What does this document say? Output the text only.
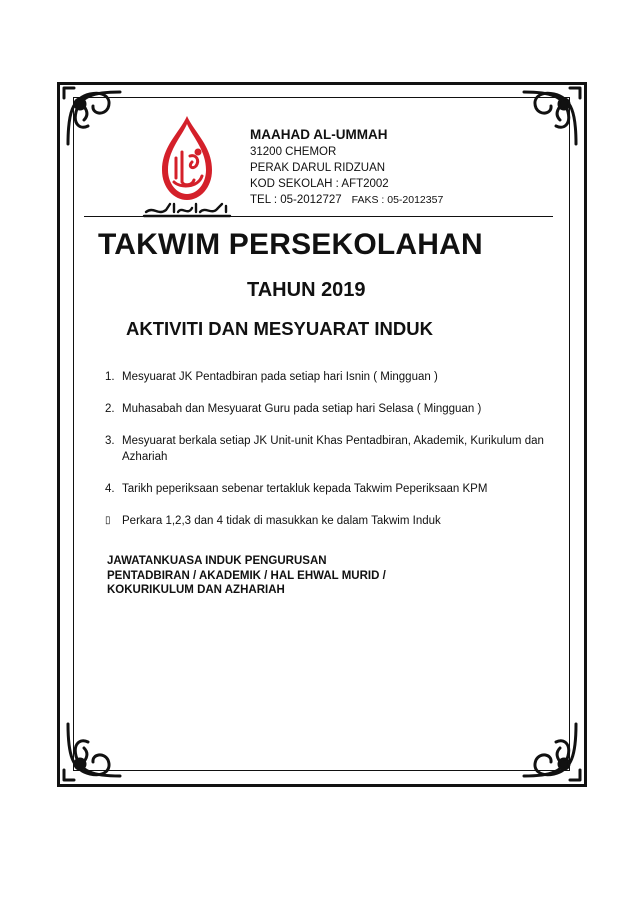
MAAHAD AL-UMMAH
31200 CHEMOR
PERAK DARUL RIDZUAN
KOD SEKOLAH : AFT2002
TEL : 05-2012727 FAKS : 05-2012357
TAKWIM PERSEKOLAHAN
TAHUN 2019
AKTIVITI DAN MESYUARAT INDUK
1. Mesyuarat JK Pentadbiran pada setiap hari Isnin ( Mingguan )
2. Muhasabah dan Mesyuarat Guru pada setiap hari Selasa ( Mingguan )
3. Mesyuarat berkala setiap JK Unit-unit Khas Pentadbiran, Akademik, Kurikulum dan Azhariah
4. Tarikh peperiksaan sebenar tertakluk kepada Takwim Peperiksaan KPM
▯ Perkara 1,2,3 dan 4 tidak di masukkan ke dalam Takwim Induk
JAWATANKUASA INDUK PENGURUSAN
PENTADBIRAN / AKADEMIK / HAL EHWAL MURID /
KOKURIKULUM DAN AZHARIAH
